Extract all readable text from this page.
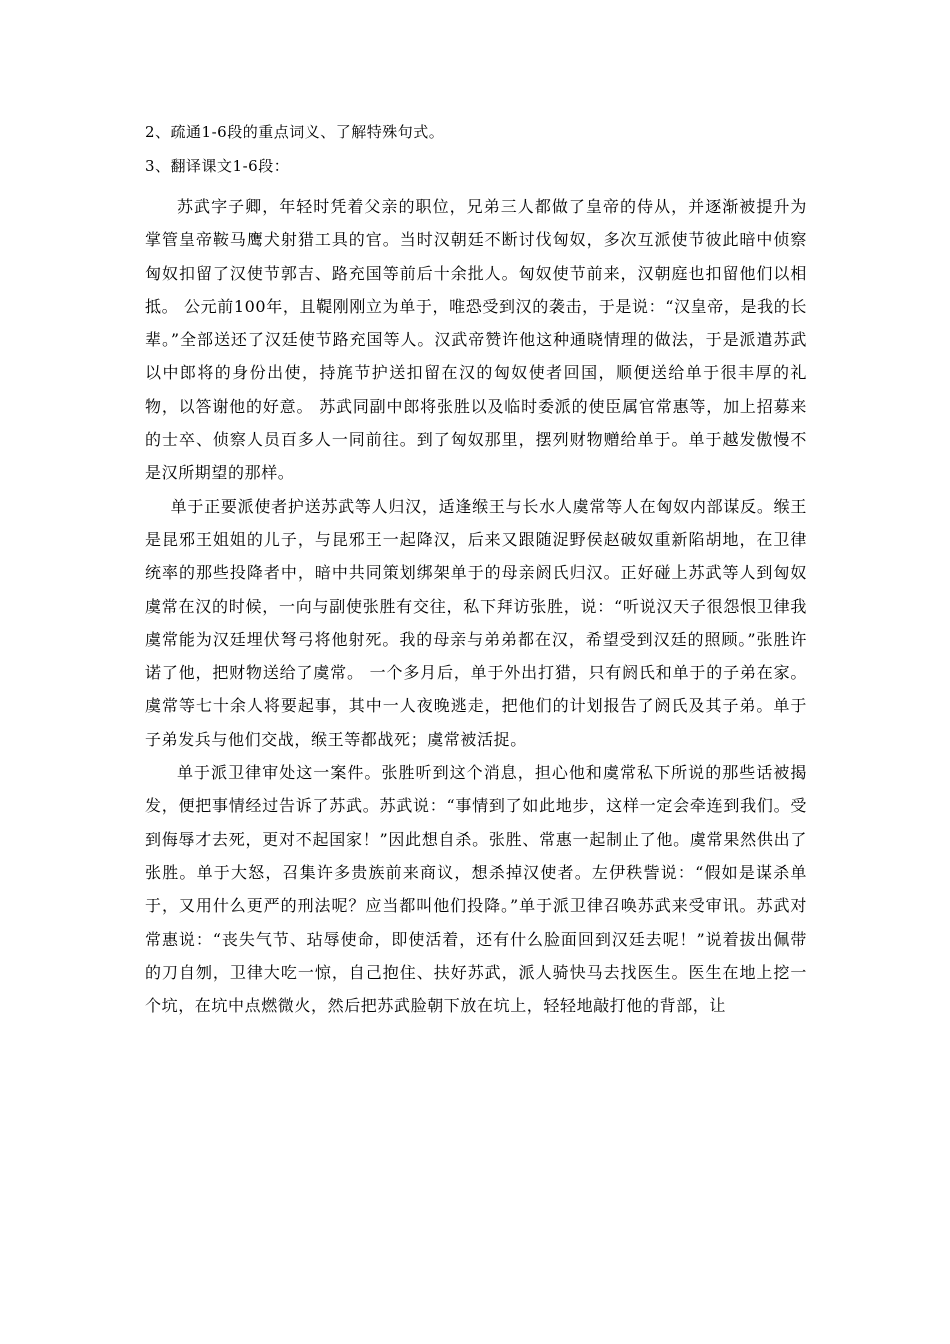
2、疏通1-6段的重点词义、了解特殊句式。
3、翻译课文1-6段：

苏武字子卿，年轻时凭着父亲的职位，兄弟三人都做了皇帝的侍从，并逐渐被提升为掌管皇帝鞍马鹰犬射猎工具的官。当时汉朝廷不断讨伐匈奴，多次互派使节彼此暗中侦察匈奴扣留了汉使节郭吉、路充国等前后十余批人。匈奴使节前来，汉朝庭也扣留他们以相抵。 公元前100年，且鞮刚刚立为单于，唯恐受到汉的袭击，于是说：“汉皇帝，是我的长辈。”全部送还了汉廷使节路充国等人。汉武帝赞许他这种通晓情理的做法，于是派遣苏武以中郎将的身份出使，持旄节护送扣留在汉的匈奴使者回国，顺便送给单于很丰厚的礼物，以答谢他的好意。 苏武同副中郎将张胜以及临时委派的使臣属官常惠等，加上招募来的士卒、侦察人员百多人一同前往。到了匈奴那里，摆列财物赠给单于。单于越发傲慢不是汉所期望的那样。

单于正要派使者护送苏武等人归汉，适逢缑王与长水人虞常等人在匈奴内部谋反。缑王是昆邪王姐姐的儿子，与昆邪王一起降汉，后来又跟随浞野侯赵破奴重新陷胡地，在卫律统率的那些投降者中，暗中共同策划绑架单于的母亲阏氏归汉。正好碰上苏武等人到匈奴虞常在汉的时候，一向与副使张胜有交往，私下拜访张胜，说：“听说汉天子很怨恨卫律我虞常能为汉廷埋伏弩弓将他射死。我的母亲与弟弟都在汉，希望受到汉廷的照顾。”张胜许诺了他，把财物送给了虞常。 一个多月后，单于外出打猎，只有阏氏和单于的子弟在家。虞常等七十余人将要起事，其中一人夜晚逃走，把他们的计划报告了阏氏及其子弟。单于子弟发兵与他们交战，缑王等都战死；虞常被活捉。

单于派卫律审处这一案件。张胜听到这个消息，担心他和虞常私下所说的那些话被揭发，便把事情经过告诉了苏武。苏武说：“事情到了如此地步，这样一定会牵连到我们。受到侮辱才去死，更对不起国家！”因此想自杀。张胜、常惠一起制止了他。虞常果然供出了张胜。单于大怒，召集许多贵族前来商议，想杀掉汉使者。左伊秩訾说：“假如是谋杀单于，又用什么更严的刑法呢？应当都叫他们投降。”单于派卫律召唤苏武来受审讯。苏武对常惠说：“丧失气节、玷辱使命，即使活着，还有什么脸面回到汉廷去呢！”说着拔出佩带的刀自刎，卫律大吃一惊，自己抱住、扶好苏武，派人骑快马去找医生。医生在地上挖一个坑，在坑中点燃微火，然后把苏武脸朝下放在坑上，轻轻地敲打他的背部，让
